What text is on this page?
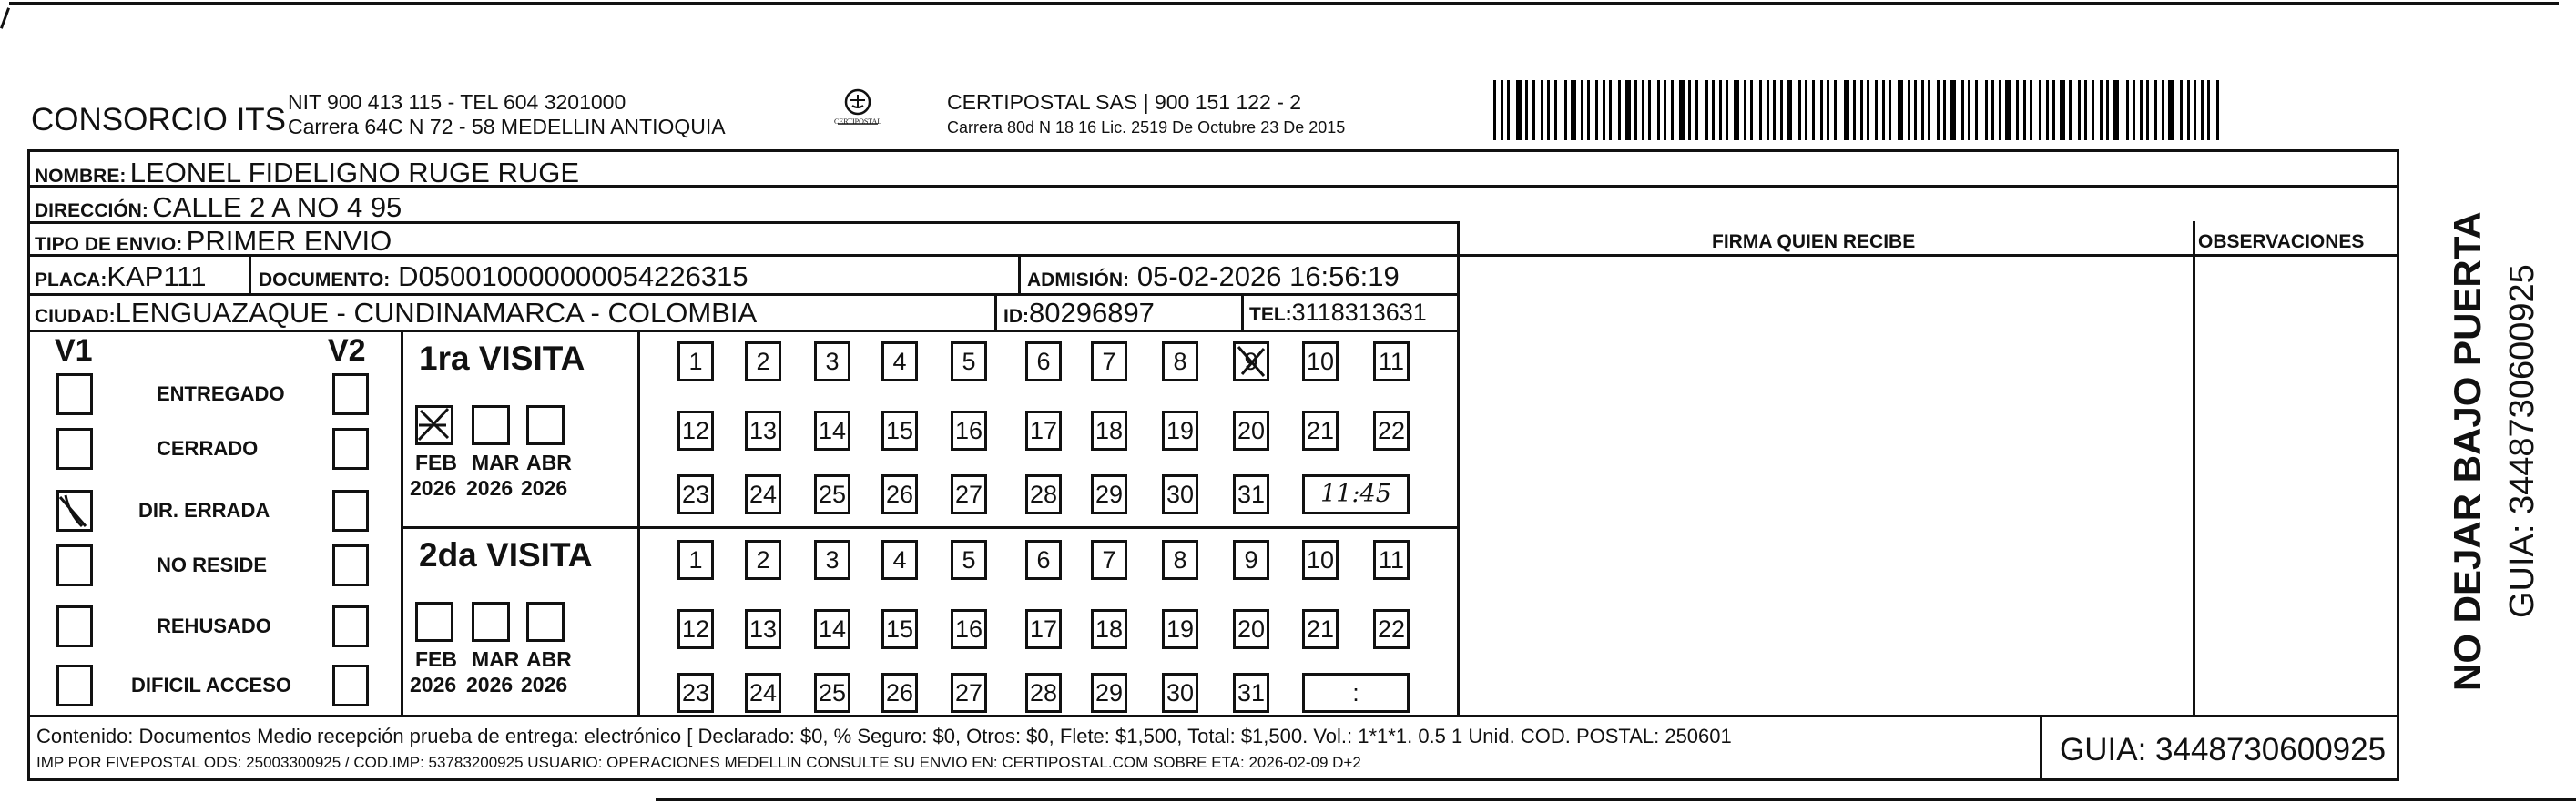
CONSORCIO ITS NIT 900 413 115 - TEL 604 3201000
Carrera 64C N 72 - 58 MEDELLIN ANTIOQUIA	CERTIPOSTAL
CERTIPOSTAL SAS | 900 151 122 - 2
Carrera 80d N 18 16 Lic. 2519 De Octubre 23 De 2015
NOMBRE: LEONEL FIDELIGNO RUGE RUGE
DIRECCIÓN: CALLE 2 A NO 4 95
TIPO DE ENVIO: PRIMER ENVIO
PLACA:KAP111	DOCUMENTO: D050010000000054226315	ADMISIÓN: 05-02-2026 16:56:19
CIUDAD:LENGUAZAQUE - CUNDINAMARCA - COLOMBIA	ID:80296897	TEL:3118313631
FIRMA QUIEN RECIBE	OBSERVACIONES
V1	V2
ENTREGADO
CERRADO
DIR. ERRADA
NO RESIDE
REHUSADO
DIFICIL ACCESO
1ra VISITA
2da VISITA
FEB
2026
MAR
2026
ABR
2026
FEB
2026
MAR
2026
ABR
2026
1	2	3	4	5	6	7	8	9	10 11
12 13 14 15 16 17 18 19 20 21 22
23 24 25 26 27 28 29 30 31	11:45
1	2	3	4	5	6	7	8	9	10 11
12 13 14 15 16 17 18 19 20 21 22
23 24 25 26 27 28 29 30 31	:
Contenido: Documentos Medio recepción prueba de entrega: electrónico [ Declarado: $0, % Seguro: $0, Otros: $0, Flete: $1,500, Total: $1,500. Vol.: 1*1*1. 0.5 1 Unid. COD. POSTAL: 250601
IMP POR FIVEPOSTAL ODS: 25003300925 / COD.IMP: 53783200925 USUARIO: OPERACIONES MEDELLIN CONSULTE SU ENVIO EN: CERTIPOSTAL.COM SOBRE ETA: 2026-02-09 D+2	GUIA: 3448730600925
NO DEJAR BAJO PUERTA GUIA: 3448730600925
